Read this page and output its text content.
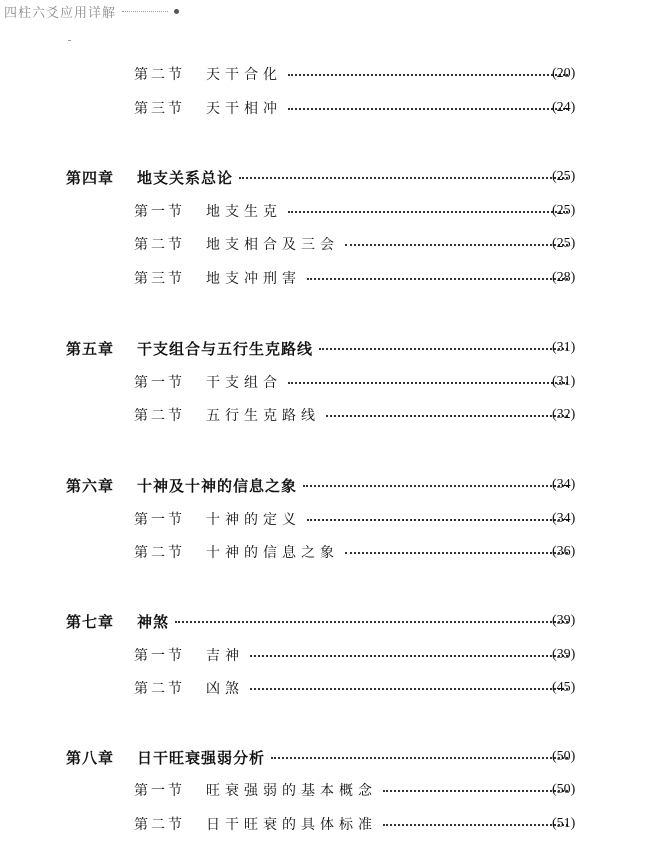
四柱六爻应用详解
第二节	天干合化	(20)
第三节	天干相冲	(24)
第四章	地支关系总论	(25)
第一节	地支生克	(25)
第二节	地支相合及三会	(25)
第三节	地支冲刑害	(28)
第五章	干支组合与五行生克路线	(31)
第一节	干支组合	(31)
第二节	五行生克路线	(32)
第六章	十神及十神的信息之象	(34)
第一节	十神的定义	(34)
第二节	十神的信息之象	(36)
第七章	神煞	(39)
第一节	吉神	(39)
第二节	凶煞	(45)
第八章	日干旺衰强弱分析	(50)
第一节	旺衰强弱的基本概念	(50)
第二节	日干旺衰的具体标准	(51)
